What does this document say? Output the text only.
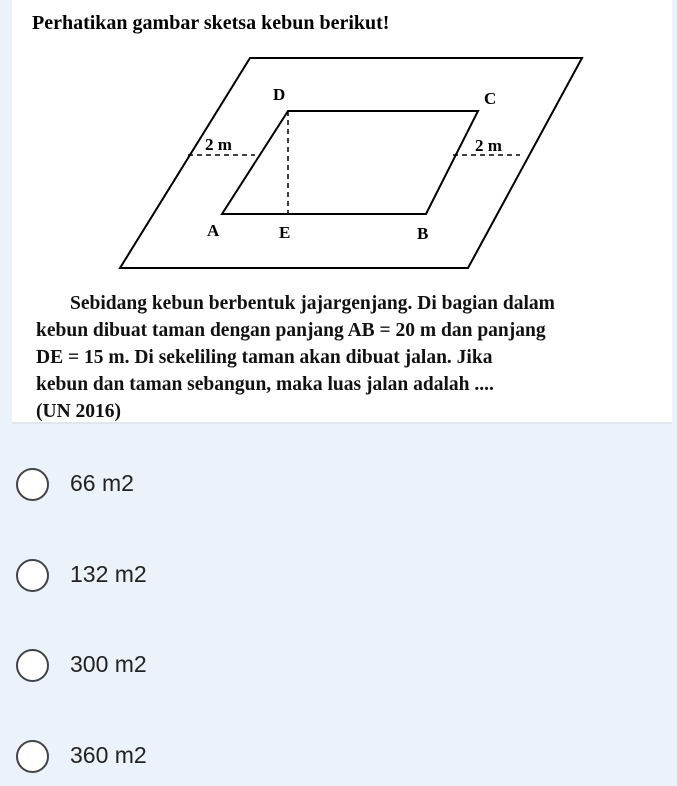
Perhatikan gambar sketsa kebun berikut!
D	C
A	E	B
2 m	2 m

Sebidang kebun berbentuk jajargenjang. Di bagian dalam
kebun dibuat taman dengan panjang AB = 20 m dan panjang
DE = 15 m. Di sekeliling taman akan dibuat jalan. Jika
kebun dan taman sebangun, maka luas jalan adalah ....
(UN 2016)

66 m2
132 m2
300 m2
360 m2
